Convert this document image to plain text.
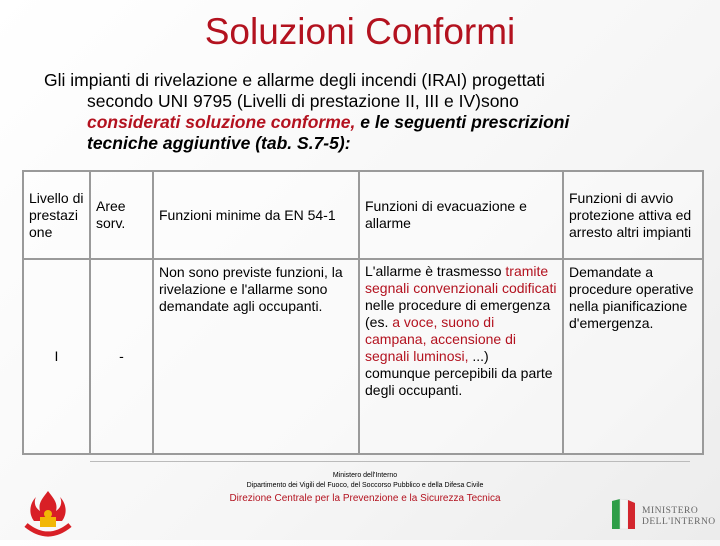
Soluzioni Conformi
Gli impianti di rivelazione e allarme degli incendi (IRAI) progettati
secondo UNI 9795 (Livelli di prestazione II, III e IV)sono
considerati soluzione conforme, e le seguenti prescrizioni
tecniche aggiuntive (tab. S.7-5):
Livello di prestazi one	Aree sorv.	Funzioni minime da EN 54-1	Funzioni di evacuazione e allarme	Funzioni di avvio protezione attiva ed arresto altri impianti
I	-	Non sono previste funzioni, la rivelazione e l'allarme sono demandate agli occupanti.	L'allarme è trasmesso tramite segnali convenzionali codificati nelle procedure di emergenza (es. a voce, suono di campana, accensione di segnali luminosi, ...) comunque percepibili da parte degli occupanti.	Demandate a procedure operative nella pianificazione d'emergenza.
Ministero dell'Interno
Dipartimento dei Vigili del Fuoco, del Soccorso Pubblico e della Difesa Civile
Direzione Centrale per la Prevenzione e la Sicurezza Tecnica
MINISTERO
DELL'INTERNO
